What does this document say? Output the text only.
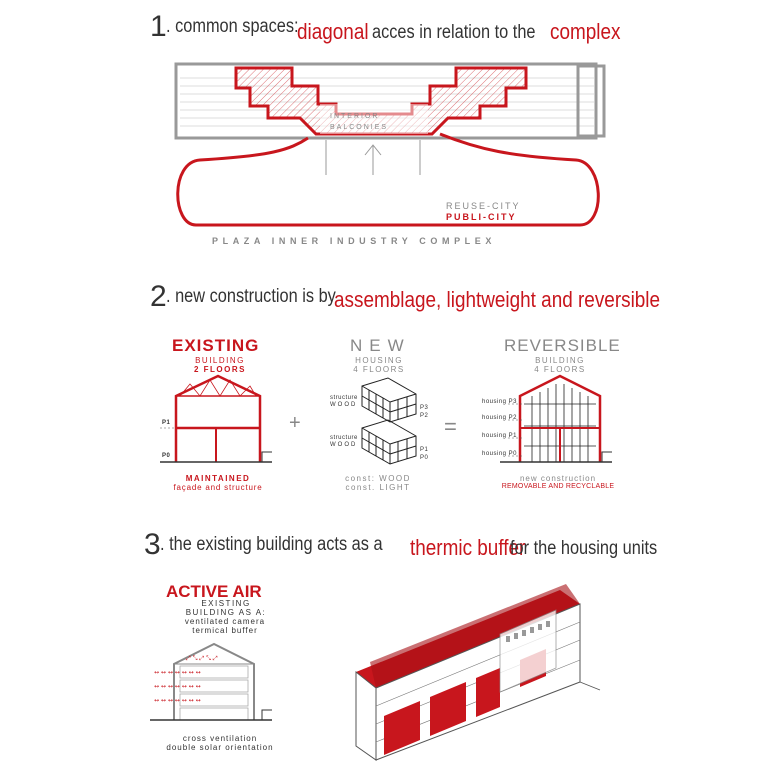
1. common spaces:
diagonal acces in relation to the complex
INTERIOR
BALCONIES
REUSE-CITY
PUBLI-CITY
PLAZA INNER INDUSTRY COMPLEX
2. new construction is by
assemblage, lightweight and reversible
EXISTING
BUILDING
2 FLOORS
P1
P0
MAINTAINED
façade and structure
+
NEW
HOUSING
4 FLOORS
structure
WOOD
structure
WOOD
P3
P2
P1
P0
const: WOOD
const. LIGHT
=
REVERSIBLE
BUILDING
4 FLOORS
housing P3
housing P2
housing P1
housing P0
new construction
REMOVABLE AND RECYCLABLE
3. the existing building acts as a	thermic buffer
for the housing units
ACTIVE AIR
EXISTING
BUILDING AS A:
ventilated camera
termical buffer
⤢ ⤡ ⤢ ⤡ ⤢
↔ ↔ ↔ ↔ ↔ ↔ ↔
↔ ↔ ↔ ↔ ↔ ↔ ↔
↔ ↔ ↔ ↔ ↔ ↔ ↔
cross ventilation
double solar orientation
